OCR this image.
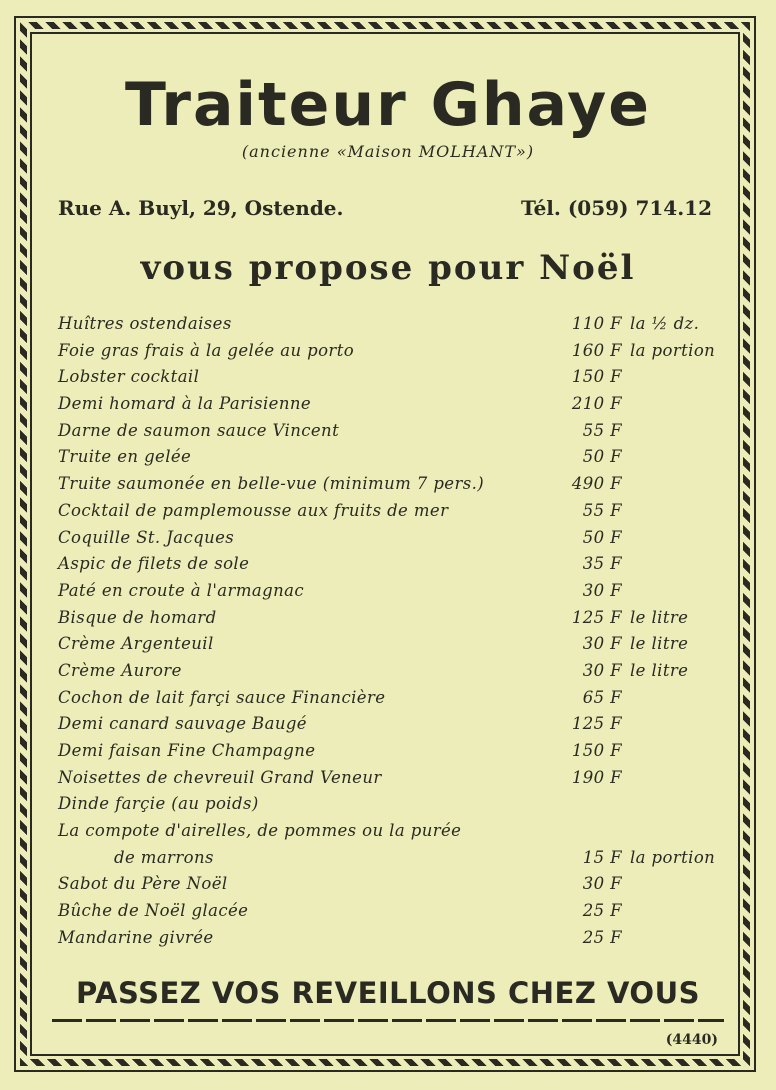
Traiteur Ghaye
(ancienne «Maison MOLHANT»)
Rue A. Buyl, 29, Ostende.	Tél. (059) 714.12
vous propose pour Noël
Huîtres ostendaises	110 F la ½ dz.
Foie gras frais à la gelée au porto	160 F la portion
Lobster cocktail	150 F
Demi homard à la Parisienne	210 F
Darne de saumon sauce Vincent	55 F
Truite en gelée	50 F
Truite saumonée en belle-vue (minimum 7 pers.)	490 F
Cocktail de pamplemousse aux fruits de mer	55 F
Coquille St. Jacques	50 F
Aspic de filets de sole	35 F
Paté en croute à l'armagnac	30 F
Bisque de homard	125 F le litre
Crème Argenteuil	30 F le litre
Crème Aurore	30 F le litre
Cochon de lait farçi sauce Financière	65 F
Demi canard sauvage Baugé	125 F
Demi faisan Fine Champagne	150 F
Noisettes de chevreuil Grand Veneur	190 F
Dinde farçie (au poids)
La compote d'airelles, de pommes ou la purée
de marrons	15 F la portion
Sabot du Père Noël	30 F
Bûche de Noël glacée	25 F
Mandarine givrée	25 F
PASSEZ VOS REVEILLONS CHEZ VOUS
(4440)
